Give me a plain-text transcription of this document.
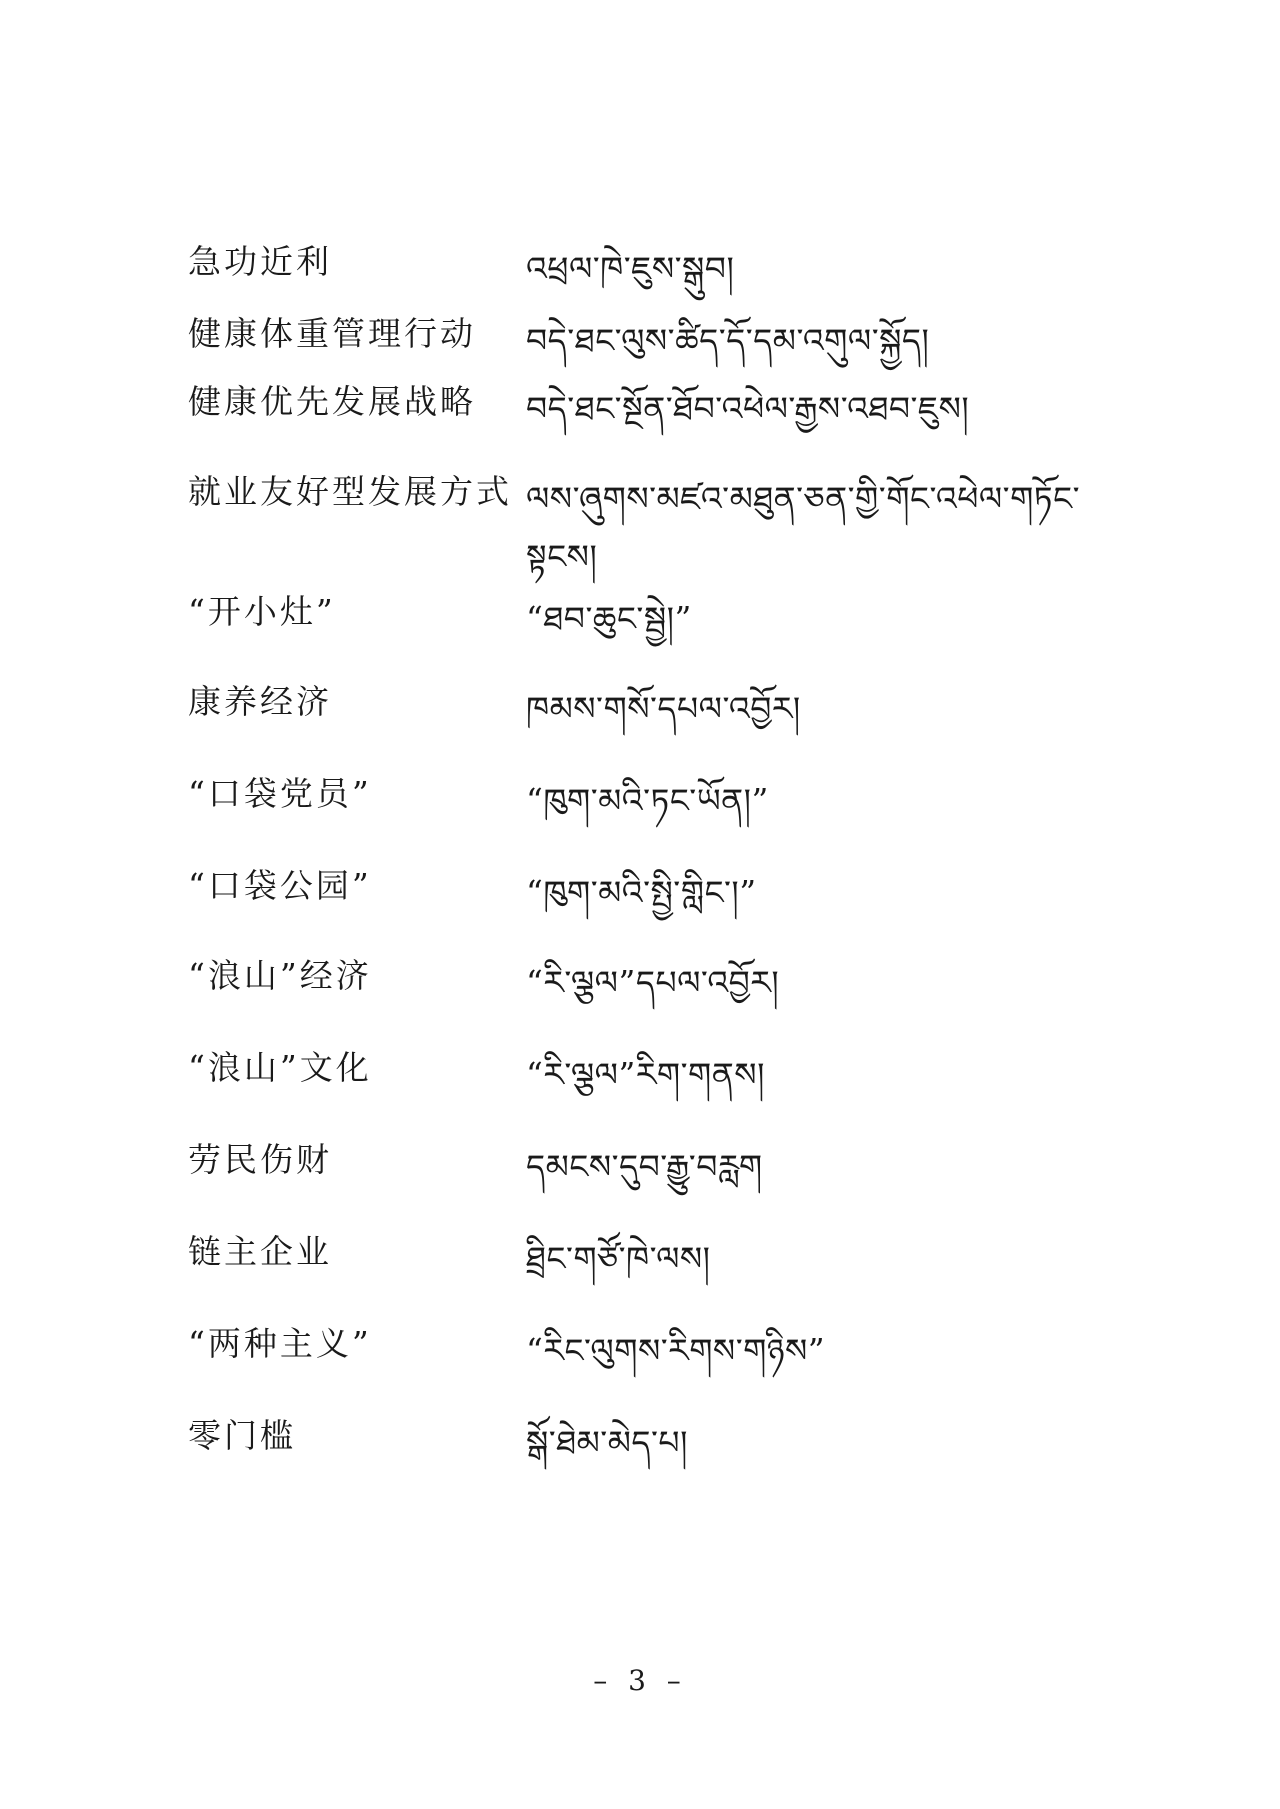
急功近利	འཕྲལ་ཁེ་ཇུས་སྒུབ།
健康体重管理行动 བདེ་ཐང་ལུས་ཚིད་དོ་དམ་འགུལ་སྐྱོད།
健康优先发展战略 བདེ་ཐང་སྔོན་ཐོབ་འཕེལ་རྒྱས་འཐབ་ཇུས།
就业友好型发展方式 ལས་ཞུགས་མཛའ་མཐུན་ཅན་གྱི་གོང་འཕེལ་གཏོང་སྟངས།
“开小灶”	“ཐབ་ཆུང་སྦྱེ།”
康养经济	ཁམས་གསོ་དཔལ་འབྱོར།
“口袋党员”	“ཁུག་མའི་ཏང་ཡོན།”
“口袋公园”	“ཁུག་མའི་སྤྱི་གླིང་།”
“浪山”经济	“རི་ལྕལ”དཔལ་འབྱོར།
“浪山”文化	“རི་ལྕལ”རིག་གནས།
劳民伤财	དམངས་དུབ་རྒྱུ་བརླག
链主企业	ཐྲིང་གཙོ་ཁེ་ལས།
“两种主义”	“རིང་ལུགས་རིགས་གཉིས”
零门槛	སྒོ་ཐེམ་མེད་པ།
– 3 –
